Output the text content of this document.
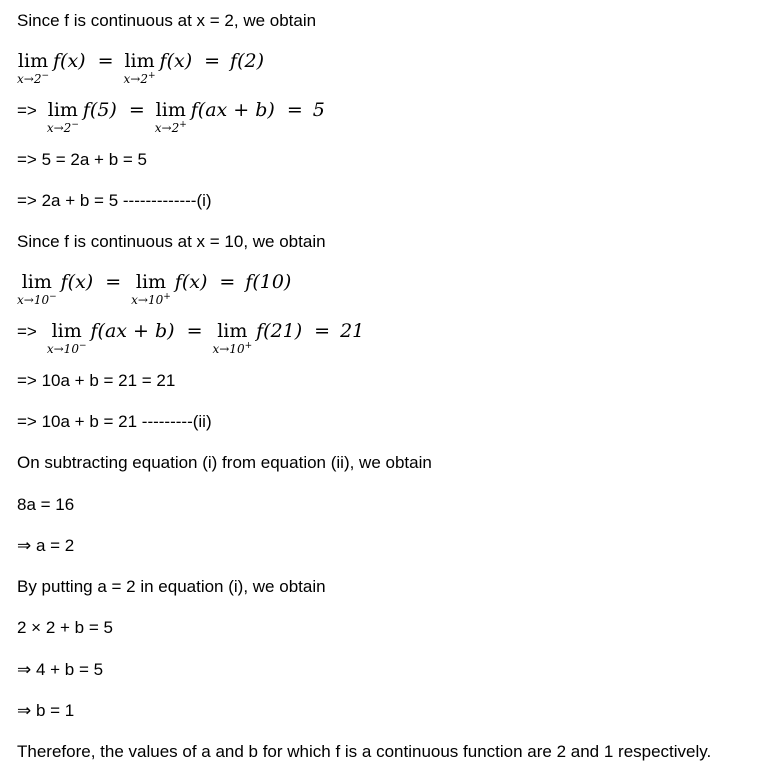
Since f is continuous at x = 2, we obtain
lim
x→2−
f(x) = lim
x→2+
f(x) = f(2)
=> lim
x→2−
f(5) = lim
x→2+
f(ax + b) = 5
=> 5 = 2a + b = 5
=> 2a + b = 5 -------------(i)
Since f is continuous at x = 10, we obtain
lim
x→10−
f(x) = lim
x→10+
f(x) = f(10)
=> lim
x→10−
f(ax + b) = lim
x→10+
f(21) = 21
=> 10a + b = 21 = 21
=> 10a + b = 21 ---------(ii)
On subtracting equation (i) from equation (ii), we obtain
8a = 16
⇒ a = 2
By putting a = 2 in equation (i), we obtain
2 × 2 + b = 5
⇒ 4 + b = 5
⇒ b = 1
Therefore, the values of a and b for which f is a continuous function are 2 and 1 respectively.
